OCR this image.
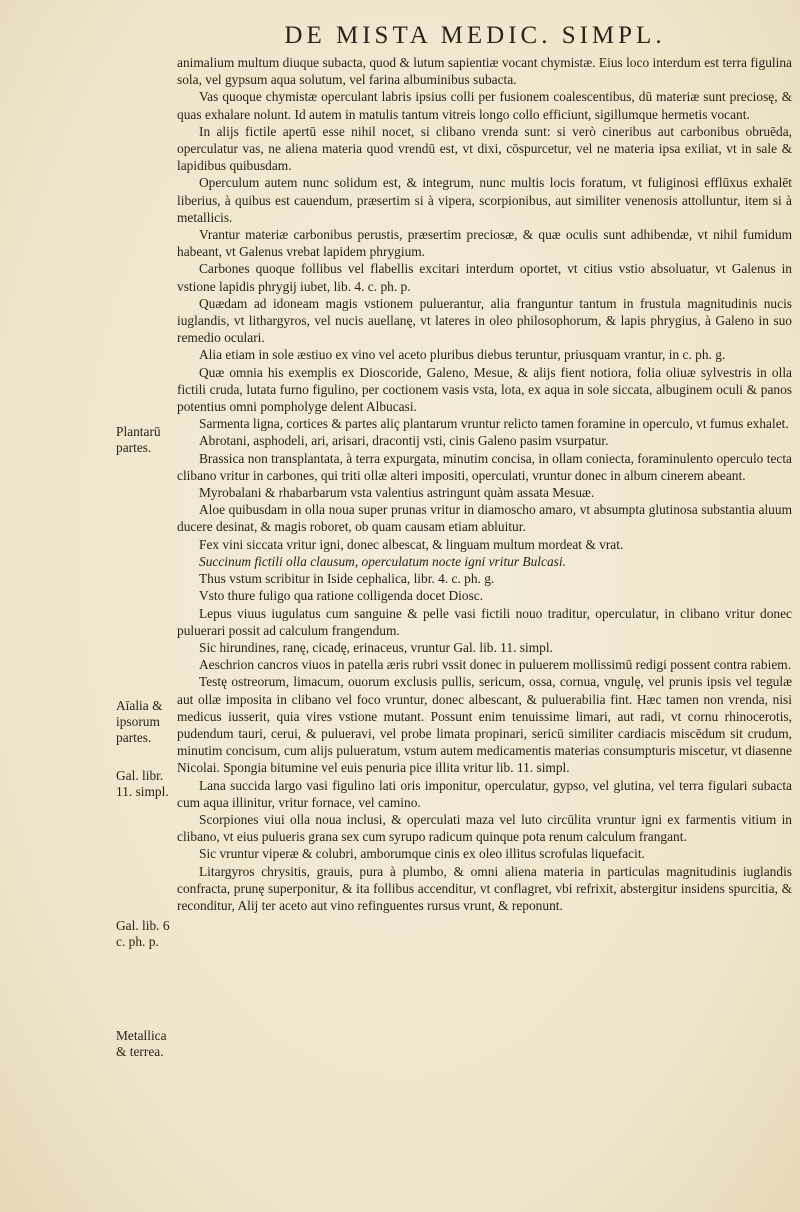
DE MISTA MEDIC. SIMPL.
Plantarū partes.
Aīalia & ipsorum partes.
Gal. libr. 11. simpl.
Gal. lib. 6 c. ph. p.
Metallica & terrea.

animalium multum diuque subacta, quod & lutum sapientiæ vocant chymistæ. Eius loco interdum est terra figulina sola, vel gypsum aqua solutum, vel farina albuminibus subacta.

Vas quoque chymistæ operculant labris ipsius colli per fusionem coalescentibus, dū materiæ sunt preciosę, & quas exhalare nolunt. Id autem in matulis tantum vitreis longo collo efficiunt, sigillumque hermetis vocant.

In alijs fictile apertū esse nihil nocet, si clibano vrenda sunt: si verò cineribus aut carbonibus obruēda, operculatur vas, ne aliena materia quod vrendū est, vt dixi, cōspurcetur, vel ne materia ipsa exiliat, vt in sale & lapidibus quibusdam.

Operculum autem nunc solidum est, & integrum, nunc multis locis foratum, vt fuliginosi efflūxus exhalēt liberius, à quibus est cauendum, præsertim si à vipera, scorpionibus, aut similiter venenosis attolluntur, item si à metallicis.

Vrantur materiæ carbonibus perustis, præsertim preciosæ, & quæ oculis sunt adhibendæ, vt nihil fumidum habeant, vt Galenus vrebat lapidem phrygium.

Carbones quoque follibus vel flabellis excitari interdum oportet, vt citius vstio absoluatur, vt Galenus in vstione lapidis phrygij iubet, lib. 4. c. ph. p.

Quædam ad idoneam magis vstionem puluerantur, alia franguntur tantum in frustula magnitudinis nucis iuglandis, vt lithargyros, vel nucis auellanę, vt lateres in oleo philosophorum, & lapis phrygius, à Galeno in suo remedio oculari.

Alia etiam in sole æstiuo ex vino vel aceto pluribus diebus teruntur, priusquam vrantur, in c. ph. g.

Quæ omnia his exemplis ex Dioscoride, Galeno, Mesue, & alijs fient notiora, folia oliuæ sylvestris in olla fictili cruda, lutata furno figulino, per coctionem vasis vsta, lota, ex aqua in sole siccata, albuginem oculi & panos potentius omni pompholyge delent Albucasi.

Sarmenta ligna, cortices & partes aliç plantarum vruntur relicto tamen foramine in operculo, vt fumus exhalet.

Abrotani, asphodeli, ari, arisari, dracontij vsti, cinis Galeno pasim vsurpatur.

Brassica non transplantata, à terra expurgata, minutim concisa, in ollam coniecta, foraminulento operculo tecta clibano vritur in carbones, qui triti ollæ alteri impositi, operculati, vruntur donec in album cinerem abeant.

Myrobalani & rhabarbarum vsta valentius astringunt quàm assata Mesuæ.

Aloe quibusdam in olla noua super prunas vritur in diamoscho amaro, vt absumpta glutinosa substantia aluum ducere desinat, & magis roboret, ob quam causam etiam abluitur.

Fex vini siccata vritur igni, donec albescat, & linguam multum mordeat & vrat.

Succinum fictili olla clausum, operculatum nocte igni vritur Bulcasi.

Thus vstum scribitur in Iside cephalica, libr. 4. c. ph. g.

Vsto thure fuligo qua ratione colligenda docet Diosc.

Lepus viuus iugulatus cum sanguine & pelle vasi fictili nouo traditur, operculatur, in clibano vritur donec puluerari possit ad calculum frangendum.

Sic hirundines, ranę, cicadę, erinaceus, vruntur Gal. lib. 11. simpl.

Aeschrion cancros viuos in patella æris rubri vssit donec in puluerem mollissimū redigi possent contra rabiem.

Testę ostreorum, limacum, ouorum exclusis pullis, sericum, ossa, cornua, vngulę, vel prunis ipsis vel tegulæ aut ollæ imposita in clibano vel foco vruntur, donec albescant, & puluerabilia fint. Hæc tamen non vrenda, nisi medicus iusserit, quia vires vstione mutant. Possunt enim tenuissime limari, aut radi, vt cornu rhinocerotis, pudendum tauri, cerui, & pulueravi, vel probe limata propinari, sericū similiter cardiacis miscēdum sit crudum, minutim concisum, cum alijs pulueratum, vstum autem medicamentis materias consumpturis miscetur, vt diasenne Nicolai. Spongia bitumine vel euis penuria pice illita vritur lib. 11. simpl.

Lana succida largo vasi figulino lati oris imponitur, operculatur, gypso, vel glutina, vel terra figulari subacta cum aqua illinitur, vritur fornace, vel camino.

Scorpiones viui olla noua inclusi, & operculati maza vel luto circūlita vruntur igni ex farmentis vitium in clibano, vt eius pulueris grana sex cum syrupo radicum quinque pota renum calculum frangant.

Sic vruntur viperæ & colubri, amborumque cinis ex oleo illitus scrofulas liquefacit.

Litargyros chrysitis, grauis, pura à plumbo, & omni aliena materia in particulas magnitudinis iuglandis confracta, prunę superponitur, & ita follibus accenditur, vt conflagret, vbi refrixit, abstergitur insidens spurcitia, & reconditur, Alij ter aceto aut vino refinguentes rursus vrunt, & reponunt.
